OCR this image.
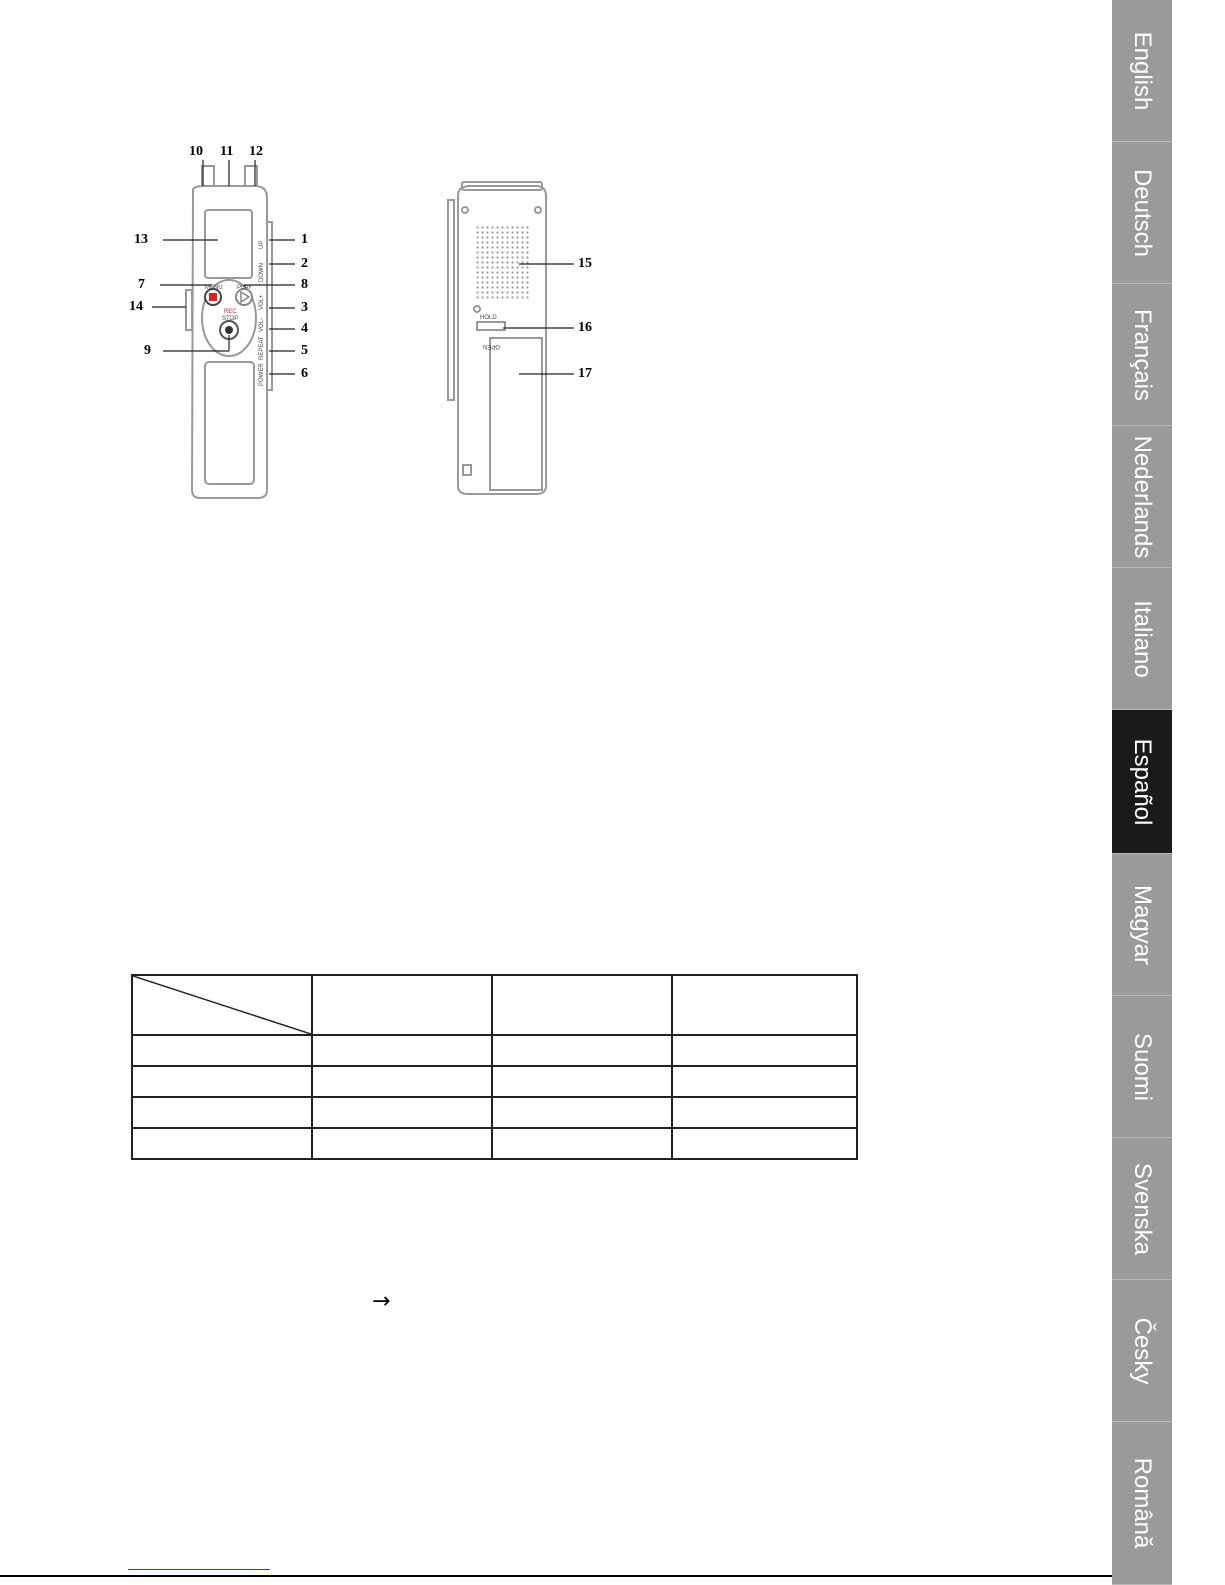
English
Deutsch
Français
Nederlands
Italiano
Español
Magyar
Suomi
Svenska
Česky
Română
MENU PLAY
REC
STOP
UP
DOWN
VOL+
VOL-
REPEAT
POWER
HOLD
OPEN
10 11 12
13	1
2
7	8
14	3
4
9	5
6
15
16
17

→
